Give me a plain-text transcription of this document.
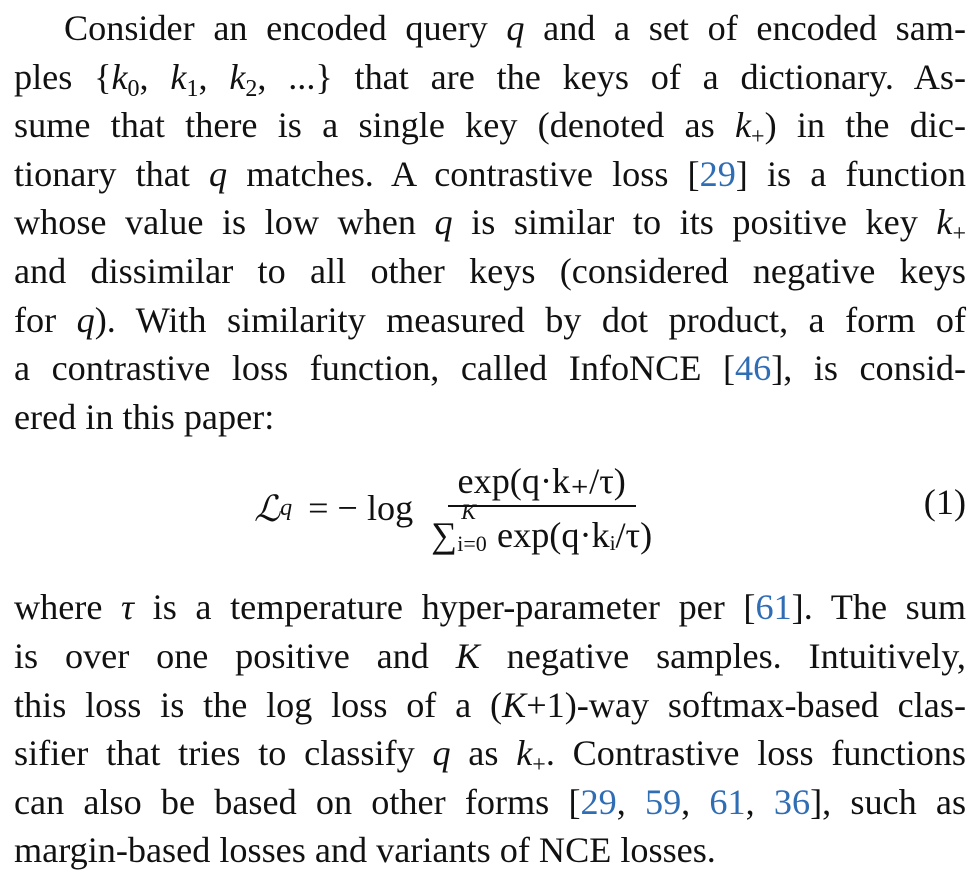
Consider an encoded query q and a set of encoded sam-
ples {$k_0$, $k_1$, $k_2$, ...} that are the keys of a dictionary. As-
sume that there is a single key (denoted as $k_+$) in the dic-
tionary that q matches. A contrastive loss [29] is a function
whose value is low when q is similar to its positive key $k_+$
and dissimilar to all other keys (considered negative keys
for q). With similarity measured by dot product, a form of
a contrastive loss function, called InfoNCE [46], is consid-
ered in this paper:

ℒ q = − log
exp(q·k₊/τ)
∑
K
i=0 exp(q·kᵢ/τ)
(1)

where τ is a temperature hyper-parameter per [61]. The sum
is over one positive and K negative samples. Intuitively,
this loss is the log loss of a (K+1)-way softmax-based clas-
sifier that tries to classify q as $k_+$. Contrastive loss functions
can also be based on other forms [29, 59, 61, 36], such as
margin-based losses and variants of NCE losses.
